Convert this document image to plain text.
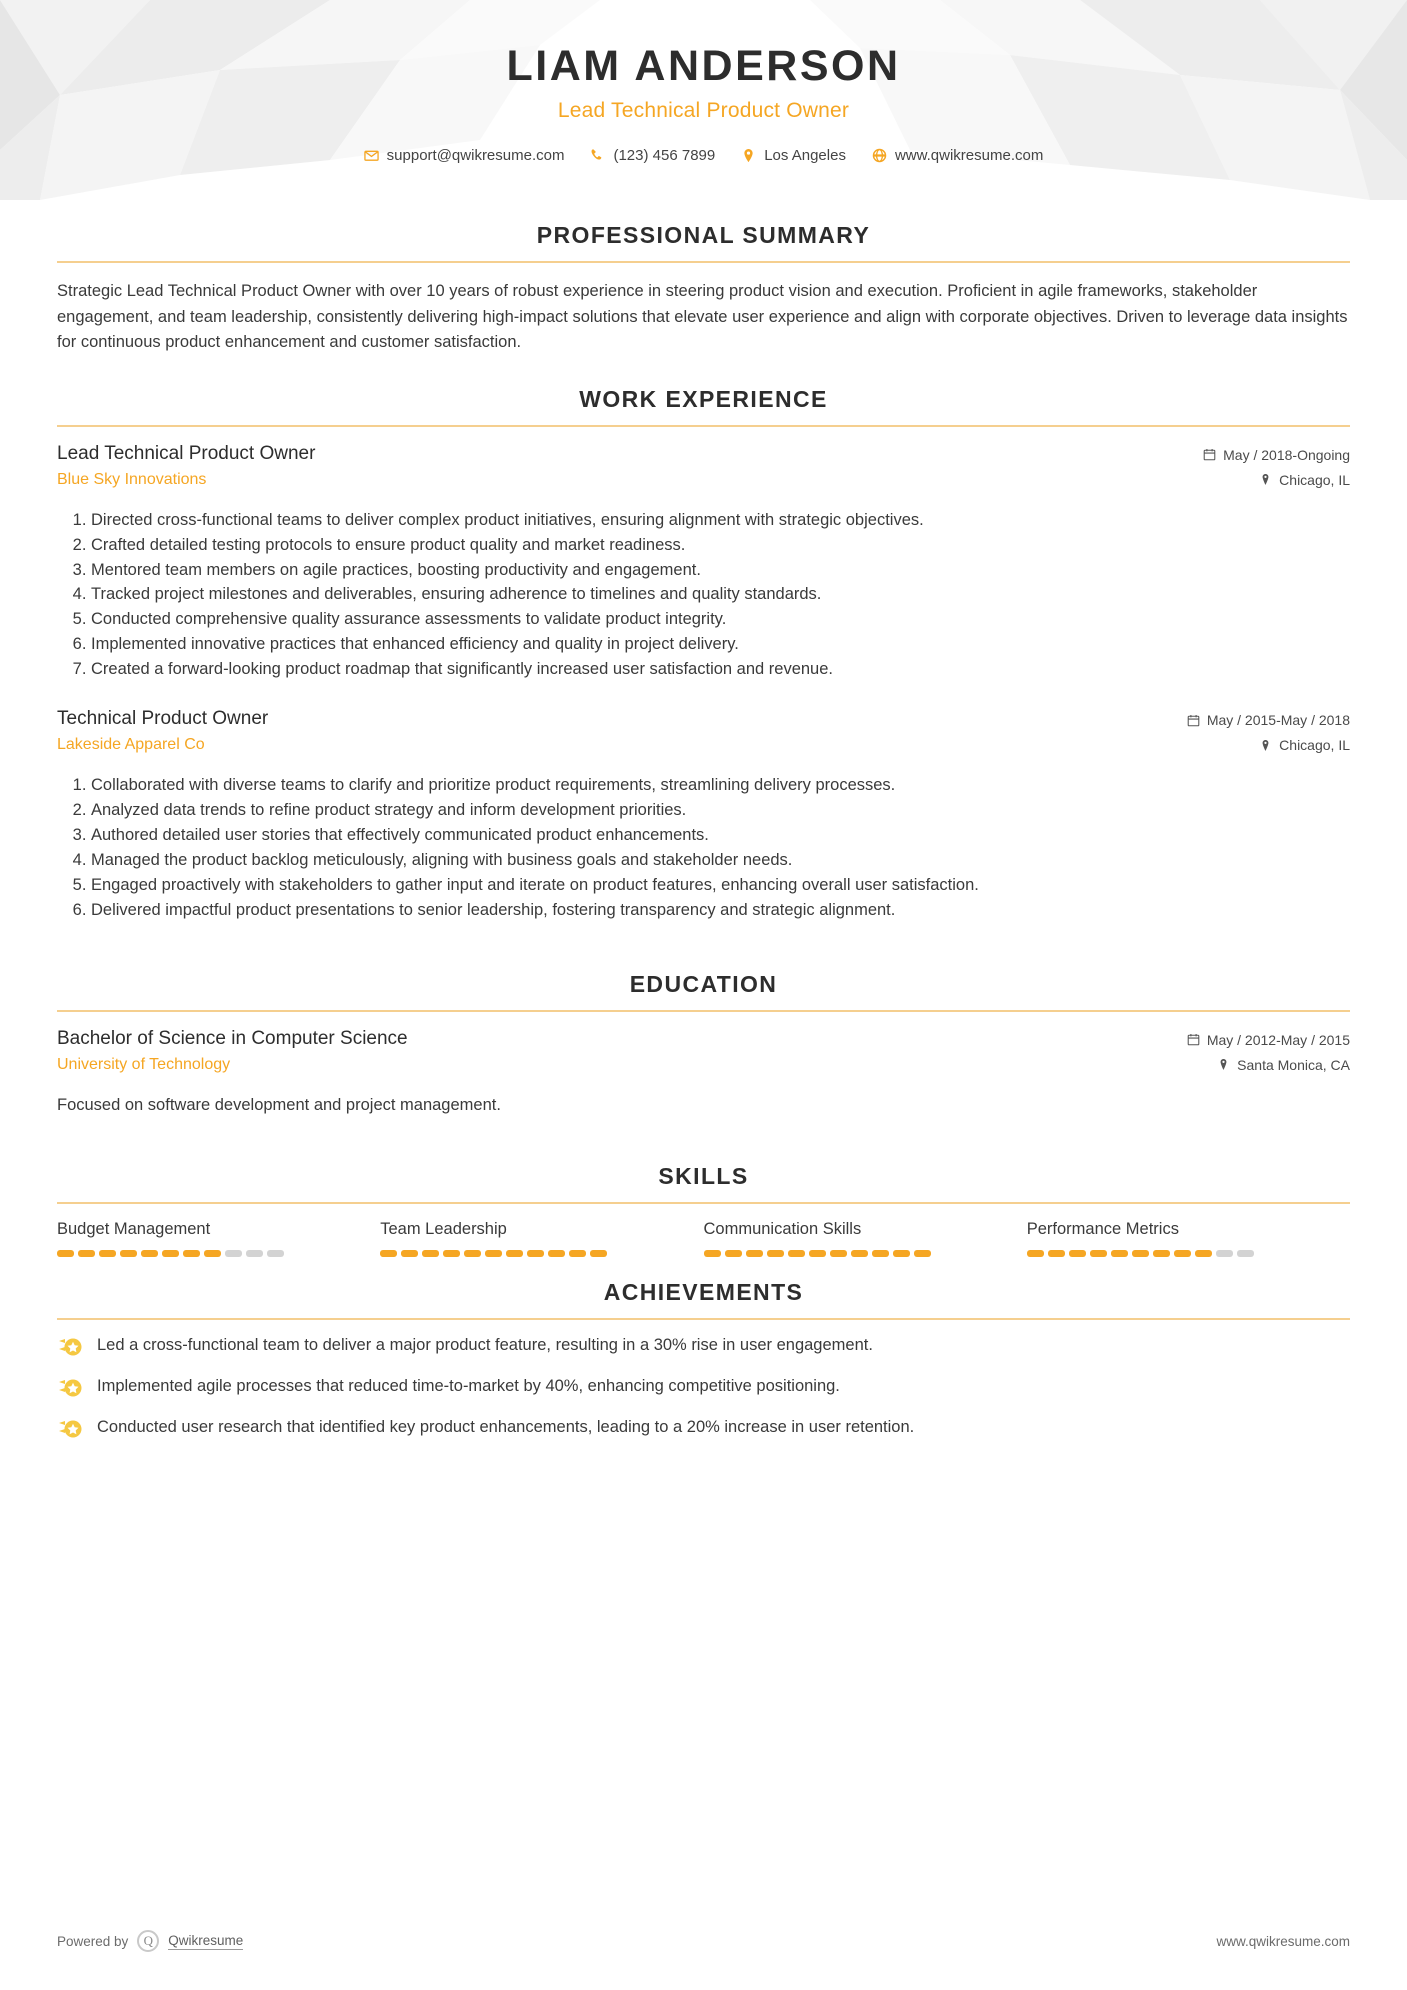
LIAM ANDERSON
Lead Technical Product Owner
support@qwikresume.com	(123) 456 7899	Los Angeles	www.qwikresume.com
PROFESSIONAL SUMMARY

Strategic Lead Technical Product Owner with over 10 years of robust experience in steering product vision and execution. Proficient in agile frameworks, stakeholder engagement, and team leadership, consistently delivering high-impact solutions that elevate user experience and align with corporate objectives. Driven to leverage data insights for continuous product enhancement and customer satisfaction.

WORK EXPERIENCE
Lead Technical Product Owner
Blue Sky Innovations
May / 2018-Ongoing
Chicago, IL
1. Directed cross-functional teams to deliver complex product initiatives, ensuring alignment with strategic objectives.
2. Crafted detailed testing protocols to ensure product quality and market readiness.
3. Mentored team members on agile practices, boosting productivity and engagement.
4. Tracked project milestones and deliverables, ensuring adherence to timelines and quality standards.
5. Conducted comprehensive quality assurance assessments to validate product integrity.
6. Implemented innovative practices that enhanced efficiency and quality in project delivery.
7. Created a forward-looking product roadmap that significantly increased user satisfaction and revenue.
Technical Product Owner
Lakeside Apparel Co
May / 2015-May / 2018
Chicago, IL
1. Collaborated with diverse teams to clarify and prioritize product requirements, streamlining delivery processes.
2. Analyzed data trends to refine product strategy and inform development priorities.
3. Authored detailed user stories that effectively communicated product enhancements.
4. Managed the product backlog meticulously, aligning with business goals and stakeholder needs.
5. Engaged proactively with stakeholders to gather input and iterate on product features, enhancing overall user satisfaction.
6. Delivered impactful product presentations to senior leadership, fostering transparency and strategic alignment.
EDUCATION
Bachelor of Science in Computer Science
University of Technology
May / 2012-May / 2015
Santa Monica, CA

Focused on software development and project management.

SKILLS
Budget Management	Team Leadership	Communication Skills	Performance Metrics
ACHIEVEMENTS
Led a cross-functional team to deliver a major product feature, resulting in a 30% rise in user engagement.
Implemented agile processes that reduced time-to-market by 40%, enhancing competitive positioning.
Conducted user research that identified key product enhancements, leading to a 20% increase in user retention.
Powered by	Q	Qwikresume	www.qwikresume.com
